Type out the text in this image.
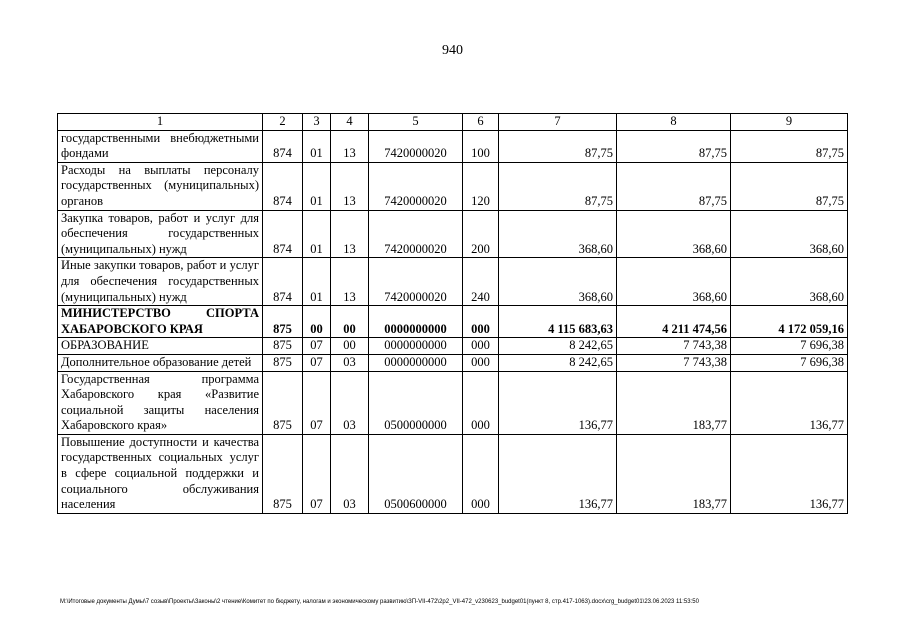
940
1	2	3	4	5	6	7	8	9
государственными внебюджетными фондами	874	01	13	7420000020	100	87,75	87,75	87,75
Расходы на выплаты персоналу государственных (муниципальных) органов	874	01	13	7420000020	120	87,75	87,75	87,75
Закупка товаров, работ и услуг для обеспечения государственных (муниципальных) нужд	874	01	13	7420000020	200	368,60	368,60	368,60
Иные закупки товаров, работ и услуг для обеспечения государственных (муниципальных) нужд	874	01	13	7420000020	240	368,60	368,60	368,60
МИНИСТЕРСТВО СПОРТА ХАБАРОВСКОГО КРАЯ	875	00	00	0000000000	000	4 115 683,63	4 211 474,56	4 172 059,16
ОБРАЗОВАНИЕ	875	07	00	0000000000	000	8 242,65	7 743,38	7 696,38
Дополнительное образование детей	875	07	03	0000000000	000	8 242,65	7 743,38	7 696,38
Государственная программа Хабаровского края «Развитие социальной защиты населения Хабаровского края»	875	07	03	0500000000	000	136,77	183,77	136,77
Повышение доступности и качества государственных социальных услуг в сфере социальной поддержки и социального обслуживания населения	875	07	03	0500600000	000	136,77	183,77	136,77
M:\Итоговые документы Думы\7 созыв\Проекты\Законы\2 чтение\Комитет по бюджету, налогам и экономическому развитию\ЗП-VII-472\2p2_VII-472_v230623_budget01(пункт 8, стр.417-1063).docx\crg_budget01\23.06.2023 11:53:50
